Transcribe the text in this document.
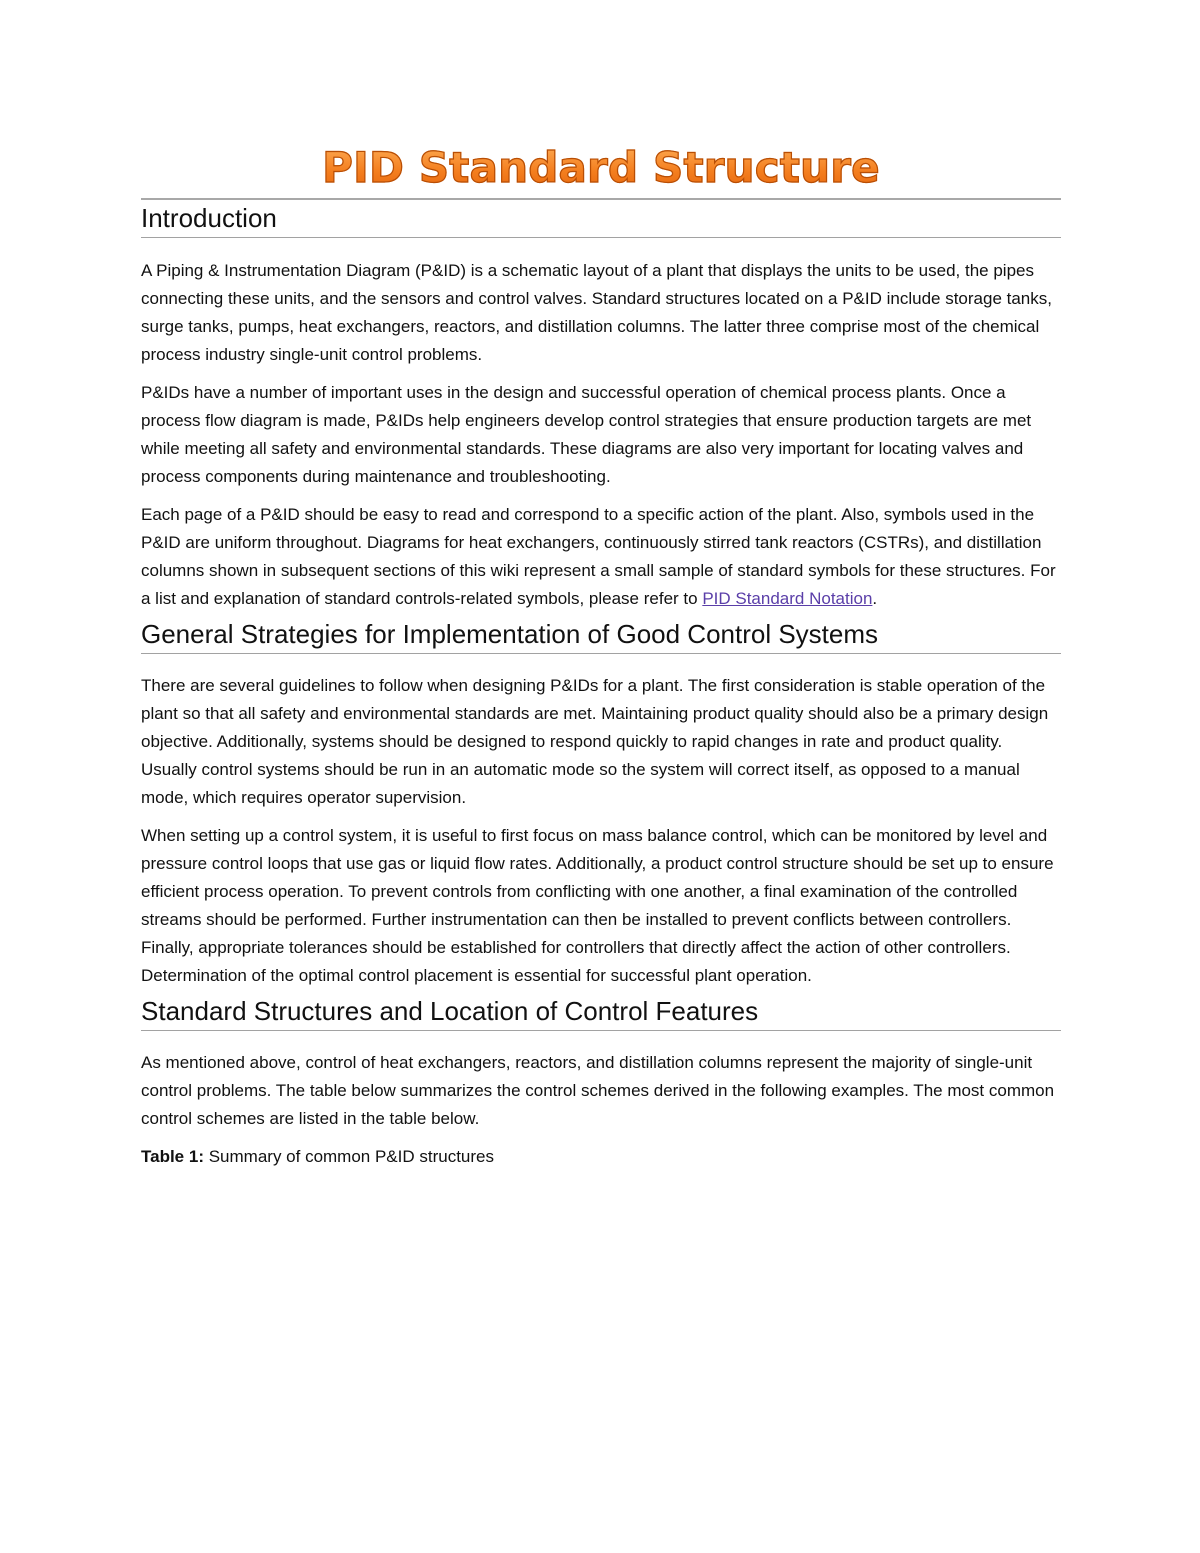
PID Standard Structure
Introduction

A Piping & Instrumentation Diagram (P&ID) is a schematic layout of a plant that displays the units to be used, the pipes connecting these units, and the sensors and control valves. Standard structures located on a P&ID include storage tanks, surge tanks, pumps, heat exchangers, reactors, and distillation columns. The latter three comprise most of the chemical process industry single-unit control problems.

P&IDs have a number of important uses in the design and successful operation of chemical process plants. Once a process flow diagram is made, P&IDs help engineers develop control strategies that ensure production targets are met while meeting all safety and environmental standards. These diagrams are also very important for locating valves and process components during maintenance and troubleshooting.

Each page of a P&ID should be easy to read and correspond to a specific action of the plant. Also, symbols used in the P&ID are uniform throughout. Diagrams for heat exchangers, continuously stirred tank reactors (CSTRs), and distillation columns shown in subsequent sections of this wiki represent a small sample of standard symbols for these structures. For a list and explanation of standard controls-related symbols, please refer to PID Standard Notation.

General Strategies for Implementation of Good Control Systems

There are several guidelines to follow when designing P&IDs for a plant. The first consideration is stable operation of the plant so that all safety and environmental standards are met. Maintaining product quality should also be a primary design objective. Additionally, systems should be designed to respond quickly to rapid changes in rate and product quality. Usually control systems should be run in an automatic mode so the system will correct itself, as opposed to a manual mode, which requires operator supervision.

When setting up a control system, it is useful to first focus on mass balance control, which can be monitored by level and pressure control loops that use gas or liquid flow rates. Additionally, a product control structure should be set up to ensure efficient process operation. To prevent controls from conflicting with one another, a final examination of the controlled streams should be performed. Further instrumentation can then be installed to prevent conflicts between controllers. Finally, appropriate tolerances should be established for controllers that directly affect the action of other controllers. Determination of the optimal control placement is essential for successful plant operation.

Standard Structures and Location of Control Features

As mentioned above, control of heat exchangers, reactors, and distillation columns represent the majority of single-unit control problems. The table below summarizes the control schemes derived in the following examples. The most common control schemes are listed in the table below.

Table 1: Summary of common P&ID structures
